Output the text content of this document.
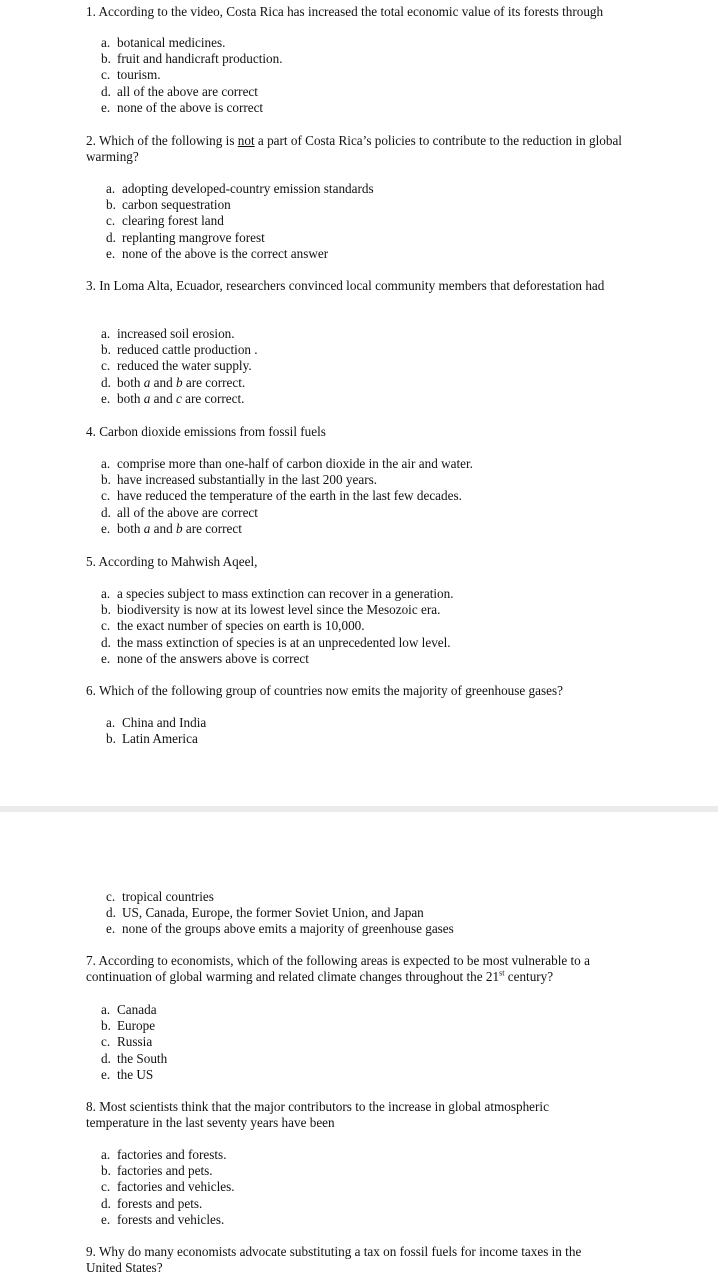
1. According to the video, Costa Rica has increased the total economic value of its forests through

a. botanical medicines.
b. fruit and handicraft production.
c. tourism.
d. all of the above are correct
e. none of the above is correct

2. Which of the following is not a part of Costa Rica’s policies to contribute to the reduction in global warming?

a. adopting developed-country emission standards
b. carbon sequestration
c. clearing forest land
d. replanting mangrove forest
e. none of the above is the correct answer

3. In Loma Alta, Ecuador, researchers convinced local community members that deforestation had

a. increased soil erosion.
b. reduced cattle production .
c. reduced the water supply.
d. both a and b are correct.
e. both a and c are correct.

4. Carbon dioxide emissions from fossil fuels

a. comprise more than one-half of carbon dioxide in the air and water.
b. have increased substantially in the last 200 years.
c. have reduced the temperature of the earth in the last few decades.
d. all of the above are correct
e. both a and b are correct

5. According to Mahwish Aqeel,

a. a species subject to mass extinction can recover in a generation.
b. biodiversity is now at its lowest level since the Mesozoic era.
c. the exact number of species on earth is 10,000.
d. the mass extinction of species is at an unprecedented low level.
e. none of the answers above is correct

6. Which of the following group of countries now emits the majority of greenhouse gases?

a. China and India
b. Latin America
c. tropical countries
d. US, Canada, Europe, the former Soviet Union, and Japan
e. none of the groups above emits a majority of greenhouse gases

7. According to economists, which of the following areas is expected to be most vulnerable to a continuation of global warming and related climate changes throughout the 21st century?

a. Canada
b. Europe
c. Russia
d. the South
e. the US

8. Most scientists think that the major contributors to the increase in global atmospheric temperature in the last seventy years have been

a. factories and forests.
b. factories and pets.
c. factories and vehicles.
d. forests and pets.
e. forests and vehicles.

9. Why do many economists advocate substituting a tax on fossil fuels for income taxes in the United States?
